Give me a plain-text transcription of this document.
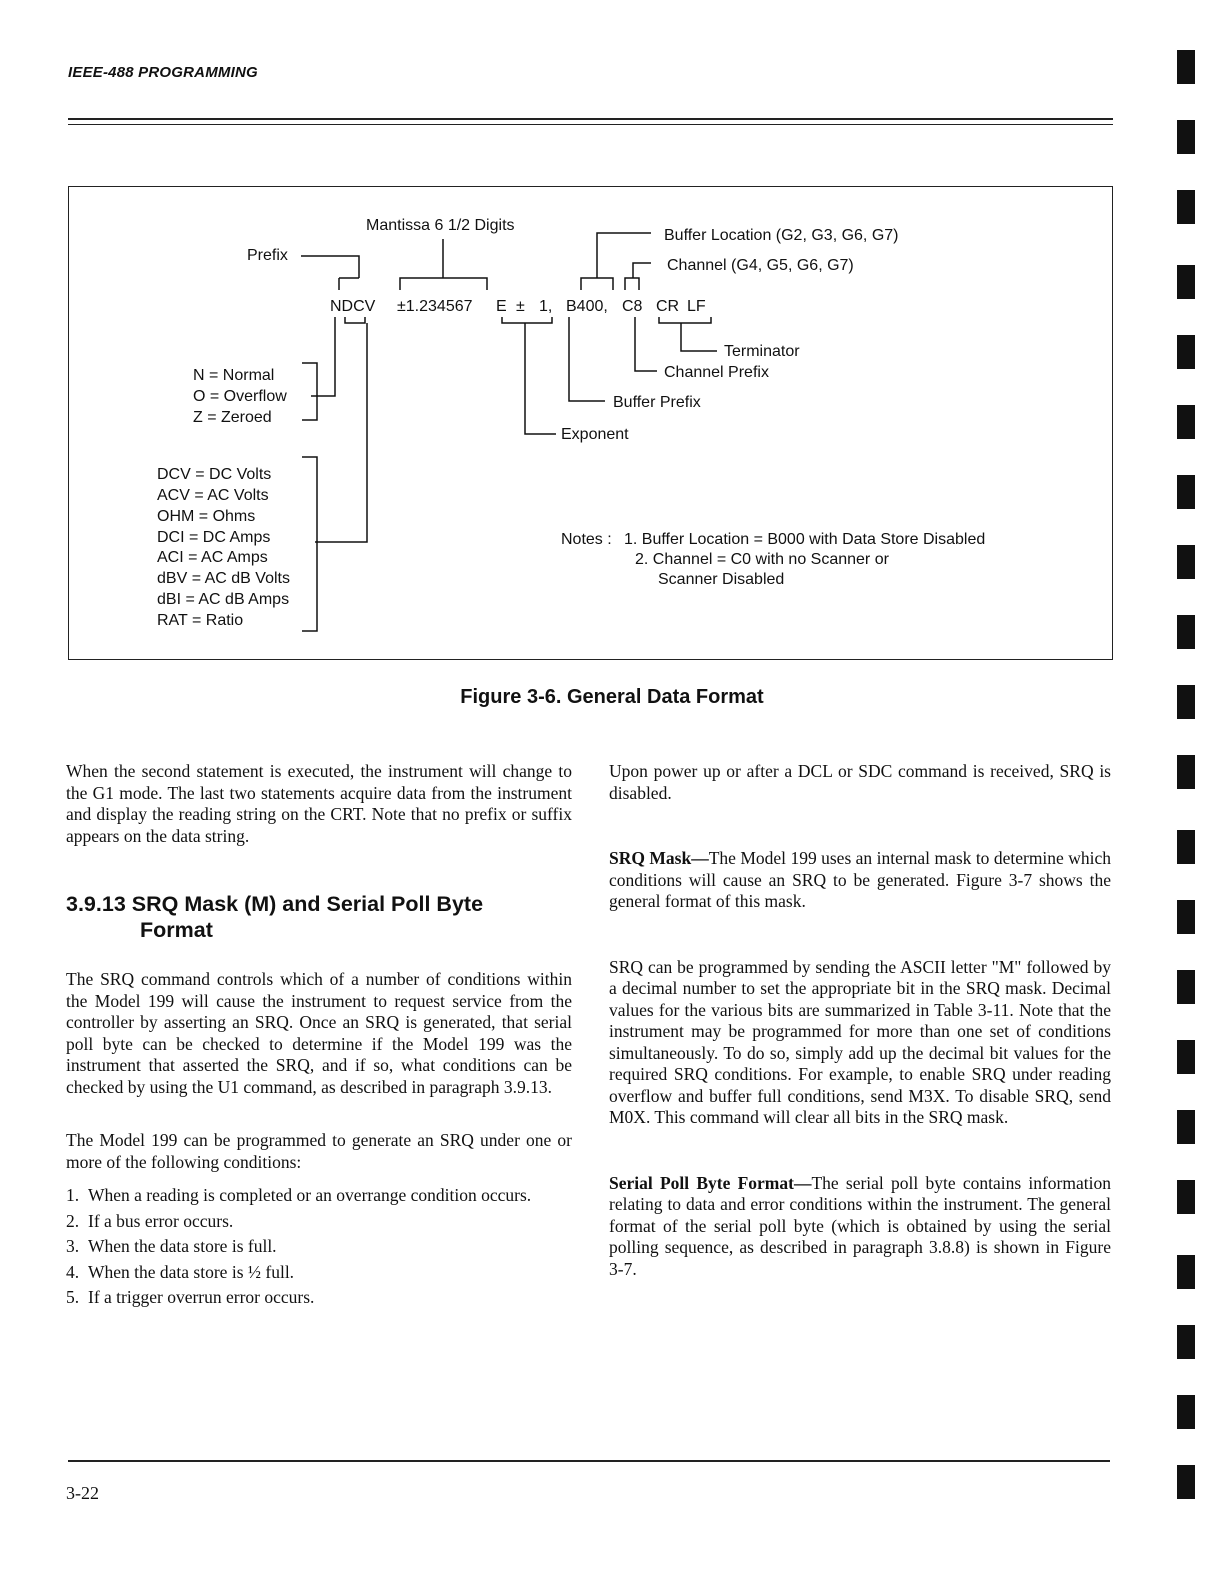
IEEE-488 PROGRAMMING
Mantissa 6 1/2 Digits
Prefix
Buffer Location (G2, G3, G6, G7)
Channel (G4, G5, G6, G7)
NDCV ±1.234567 E ± 1, B400, C8 CR LF
Terminator
Channel Prefix
Buffer Prefix
Exponent
N = Normal
O = Overflow
Z = Zeroed
DCV = DC Volts
ACV = AC Volts
OHM = Ohms
DCI = DC Amps
ACI = AC Amps
dBV = AC dB Volts
dBI = AC dB Amps
RAT = Ratio
Notes : 1. Buffer Location = B000 with Data Store Disabled
2. Channel = C0 with no Scanner or
Scanner Disabled
Figure 3-6. General Data Format

When the second statement is executed, the instrument will change to the G1 mode. The last two statements acquire data from the instrument and display the reading string on the CRT. Note that no prefix or suffix appears on the data string.

3.9.13 SRQ Mask (M) and Serial Poll Byte
Format

The SRQ command controls which of a number of conditions within the Model 199 will cause the instrument to request service from the controller by asserting an SRQ. Once an SRQ is generated, that serial poll byte can be checked to determine if the Model 199 was the instrument that asserted the SRQ, and if so, what conditions can be checked by using the U1 command, as described in paragraph 3.9.13.

The Model 199 can be programmed to generate an SRQ under one or more of the following conditions:

1. When a reading is completed or an overrange condition occurs.
2. If a bus error occurs.
3. When the data store is full.
4. When the data store is ½ full.
5. If a trigger overrun error occurs.

Upon power up or after a DCL or SDC command is received, SRQ is disabled.

SRQ Mask—The Model 199 uses an internal mask to determine which conditions will cause an SRQ to be generated. Figure 3-7 shows the general format of this mask.

SRQ can be programmed by sending the ASCII letter "M" followed by a decimal number to set the appropriate bit in the SRQ mask. Decimal values for the various bits are summarized in Table 3-11. Note that the instrument may be programmed for more than one set of conditions simultaneously. To do so, simply add up the decimal bit values for the required SRQ conditions. For example, to enable SRQ under reading overflow and buffer full conditions, send M3X. To disable SRQ, send M0X. This command will clear all bits in the SRQ mask.

Serial Poll Byte Format—The serial poll byte contains information relating to data and error conditions within the instrument. The general format of the serial poll byte (which is obtained by using the serial polling sequence, as described in paragraph 3.8.8) is shown in Figure 3-7.

3-22
